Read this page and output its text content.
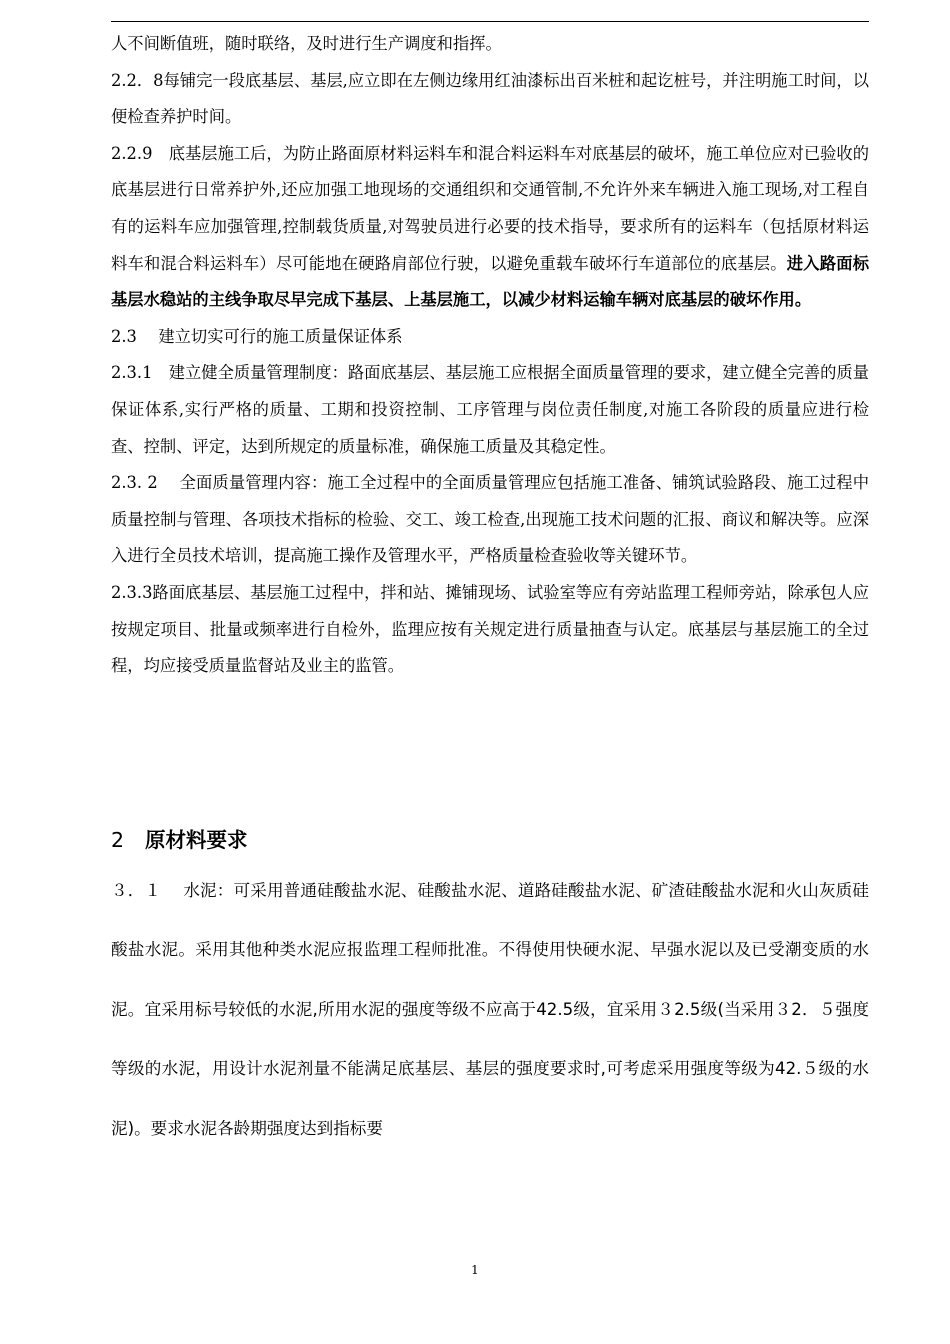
人不间断值班，随时联络，及时进行生产调度和指挥。

2.2．8每铺完一段底基层、基层,应立即在左侧边缘用红油漆标出百米桩和起讫桩号，并注明施工时间，以便检查养护时间。

2.2.9　底基层施工后，为防止路面原材料运料车和混合料运料车对底基层的破坏，施工单位应对已验收的底基层进行日常养护外,还应加强工地现场的交通组织和交通管制,不允许外来车辆进入施工现场,对工程自有的运料车应加强管理,控制载货质量,对驾驶员进行必要的技术指导，要求所有的运料车（包括原材料运料车和混合料运料车）尽可能地在硬路肩部位行驶，以避免重载车破坏行车道部位的底基层。进入路面标基层水稳站的主线争取尽早完成下基层、上基层施工，以减少材料运输车辆对底基层的破坏作用。

2.3　 建立切实可行的施工质量保证体系

2.3.1　建立健全质量管理制度：路面底基层、基层施工应根据全面质量管理的要求，建立健全完善的质量保证体系,实行严格的质量、工期和投资控制、工序管理与岗位责任制度,对施工各阶段的质量应进行检查、控制、评定，达到所规定的质量标准，确保施工质量及其稳定性。

2.3. 2　 全面质量管理内容：施工全过程中的全面质量管理应包括施工准备、铺筑试验路段、施工过程中质量控制与管理、各项技术指标的检验、交工、竣工检查,出现施工技术问题的汇报、商议和解决等。应深入进行全员技术培训，提高施工操作及管理水平，严格质量检查验收等关键环节。

2.3.3路面底基层、基层施工过程中，拌和站、摊铺现场、试验室等应有旁站监理工程师旁站，除承包人应按规定项目、批量或频率进行自检外，监理应按有关规定进行质量抽查与认定。底基层与基层施工的全过程，均应接受质量监督站及业主的监管。

2 原材料要求

３．１　 水泥：可采用普通硅酸盐水泥、硅酸盐水泥、道路硅酸盐水泥、矿渣硅酸盐水泥和火山灰质硅酸盐水泥。采用其他种类水泥应报监理工程师批准。不得使用快硬水泥、早强水泥以及已受潮变质的水泥。宜采用标号较低的水泥,所用水泥的强度等级不应高于42.5级，宜采用３2.5级(当采用３2．５强度等级的水泥，用设计水泥剂量不能满足底基层、基层的强度要求时,可考虑采用强度等级为42.５级的水泥)。要求水泥各龄期强度达到指标要

1
